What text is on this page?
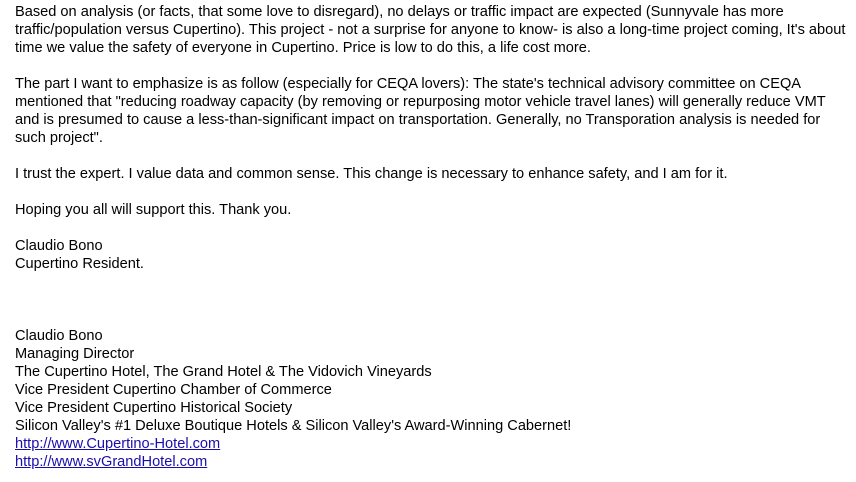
Based on analysis (or facts, that some love to disregard), no delays or traffic impact are expected (Sunnyvale has more traffic/population versus Cupertino). This project - not a surprise for anyone to know- is also a long-time project coming, It's about time we value the safety of everyone in Cupertino. Price is low to do this, a life cost more.

The part I want to emphasize is as follow (especially for CEQA lovers): The state's technical advisory committee on CEQA mentioned that "reducing roadway capacity (by removing or repurposing motor vehicle travel lanes) will generally reduce VMT and is presumed to cause a less-than-significant impact on transportation. Generally, no Transporation analysis is needed for such project".

I trust the expert. I value data and common sense. This change is necessary to enhance safety, and I am for it.

Hoping you all will support this. Thank you.

Claudio Bono
Cupertino Resident.
Claudio Bono
Managing Director
The Cupertino Hotel, The Grand Hotel & The Vidovich Vineyards
Vice President Cupertino Chamber of Commerce
Vice President Cupertino Historical Society
Silicon Valley's #1 Deluxe Boutique Hotels & Silicon Valley's Award-Winning Cabernet!
http://www.Cupertino-Hotel.com
http://www.svGrandHotel.com
